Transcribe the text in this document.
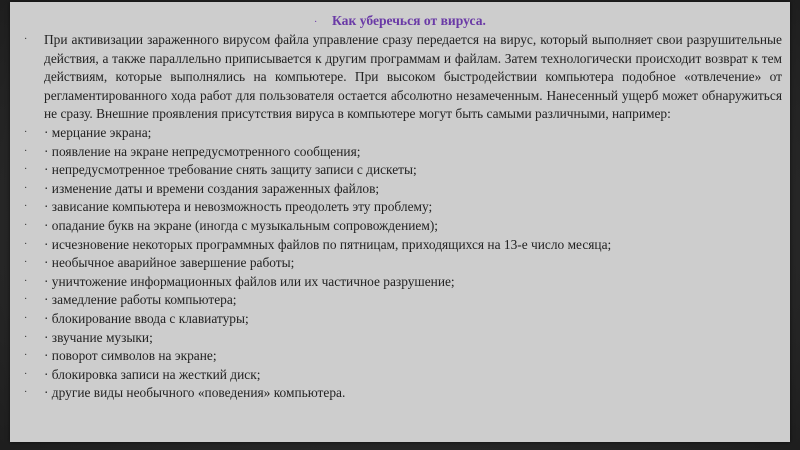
·	Как уберечься от вируса.
·	При активизации зараженного вирусом файла управление сразу передается на вирус, который выполняет свои разрушительные действия, а также параллельно приписывается к другим программам и файлам. Затем технологически происходит возврат к тем действиям, которые выполнялись на компьютере. При высоком быстродействии компьютера подобное «отвлечение» от регламентированного хода работ для пользователя остается абсолютно незамеченным. Нанесенный ущерб может обнаружиться не сразу. Внешние проявления присутствия вируса в компьютере могут быть самыми различными, например:
·	· мерцание экрана;
·	· появление на экране непредусмотренного сообщения;
·	· непредусмотренное требование снять защиту записи с дискеты;
·	· изменение даты и времени создания зараженных файлов;
·	· зависание компьютера и невозможность преодолеть эту проблему;
·	· опадание букв на экране (иногда с музыкальным сопровождением);
·	· исчезновение некоторых программных файлов по пятницам, приходящихся на 13-е число месяца;
·	· необычное аварийное завершение работы;
·	· уничтожение информационных файлов или их частичное разрушение;
·	· замедление работы компьютера;
·	· блокирование ввода с клавиатуры;
·	· звучание музыки;
·	· поворот символов на экране;
·	· блокировка записи на жесткий диск;
·	· другие виды необычного «поведения» компьютера.
